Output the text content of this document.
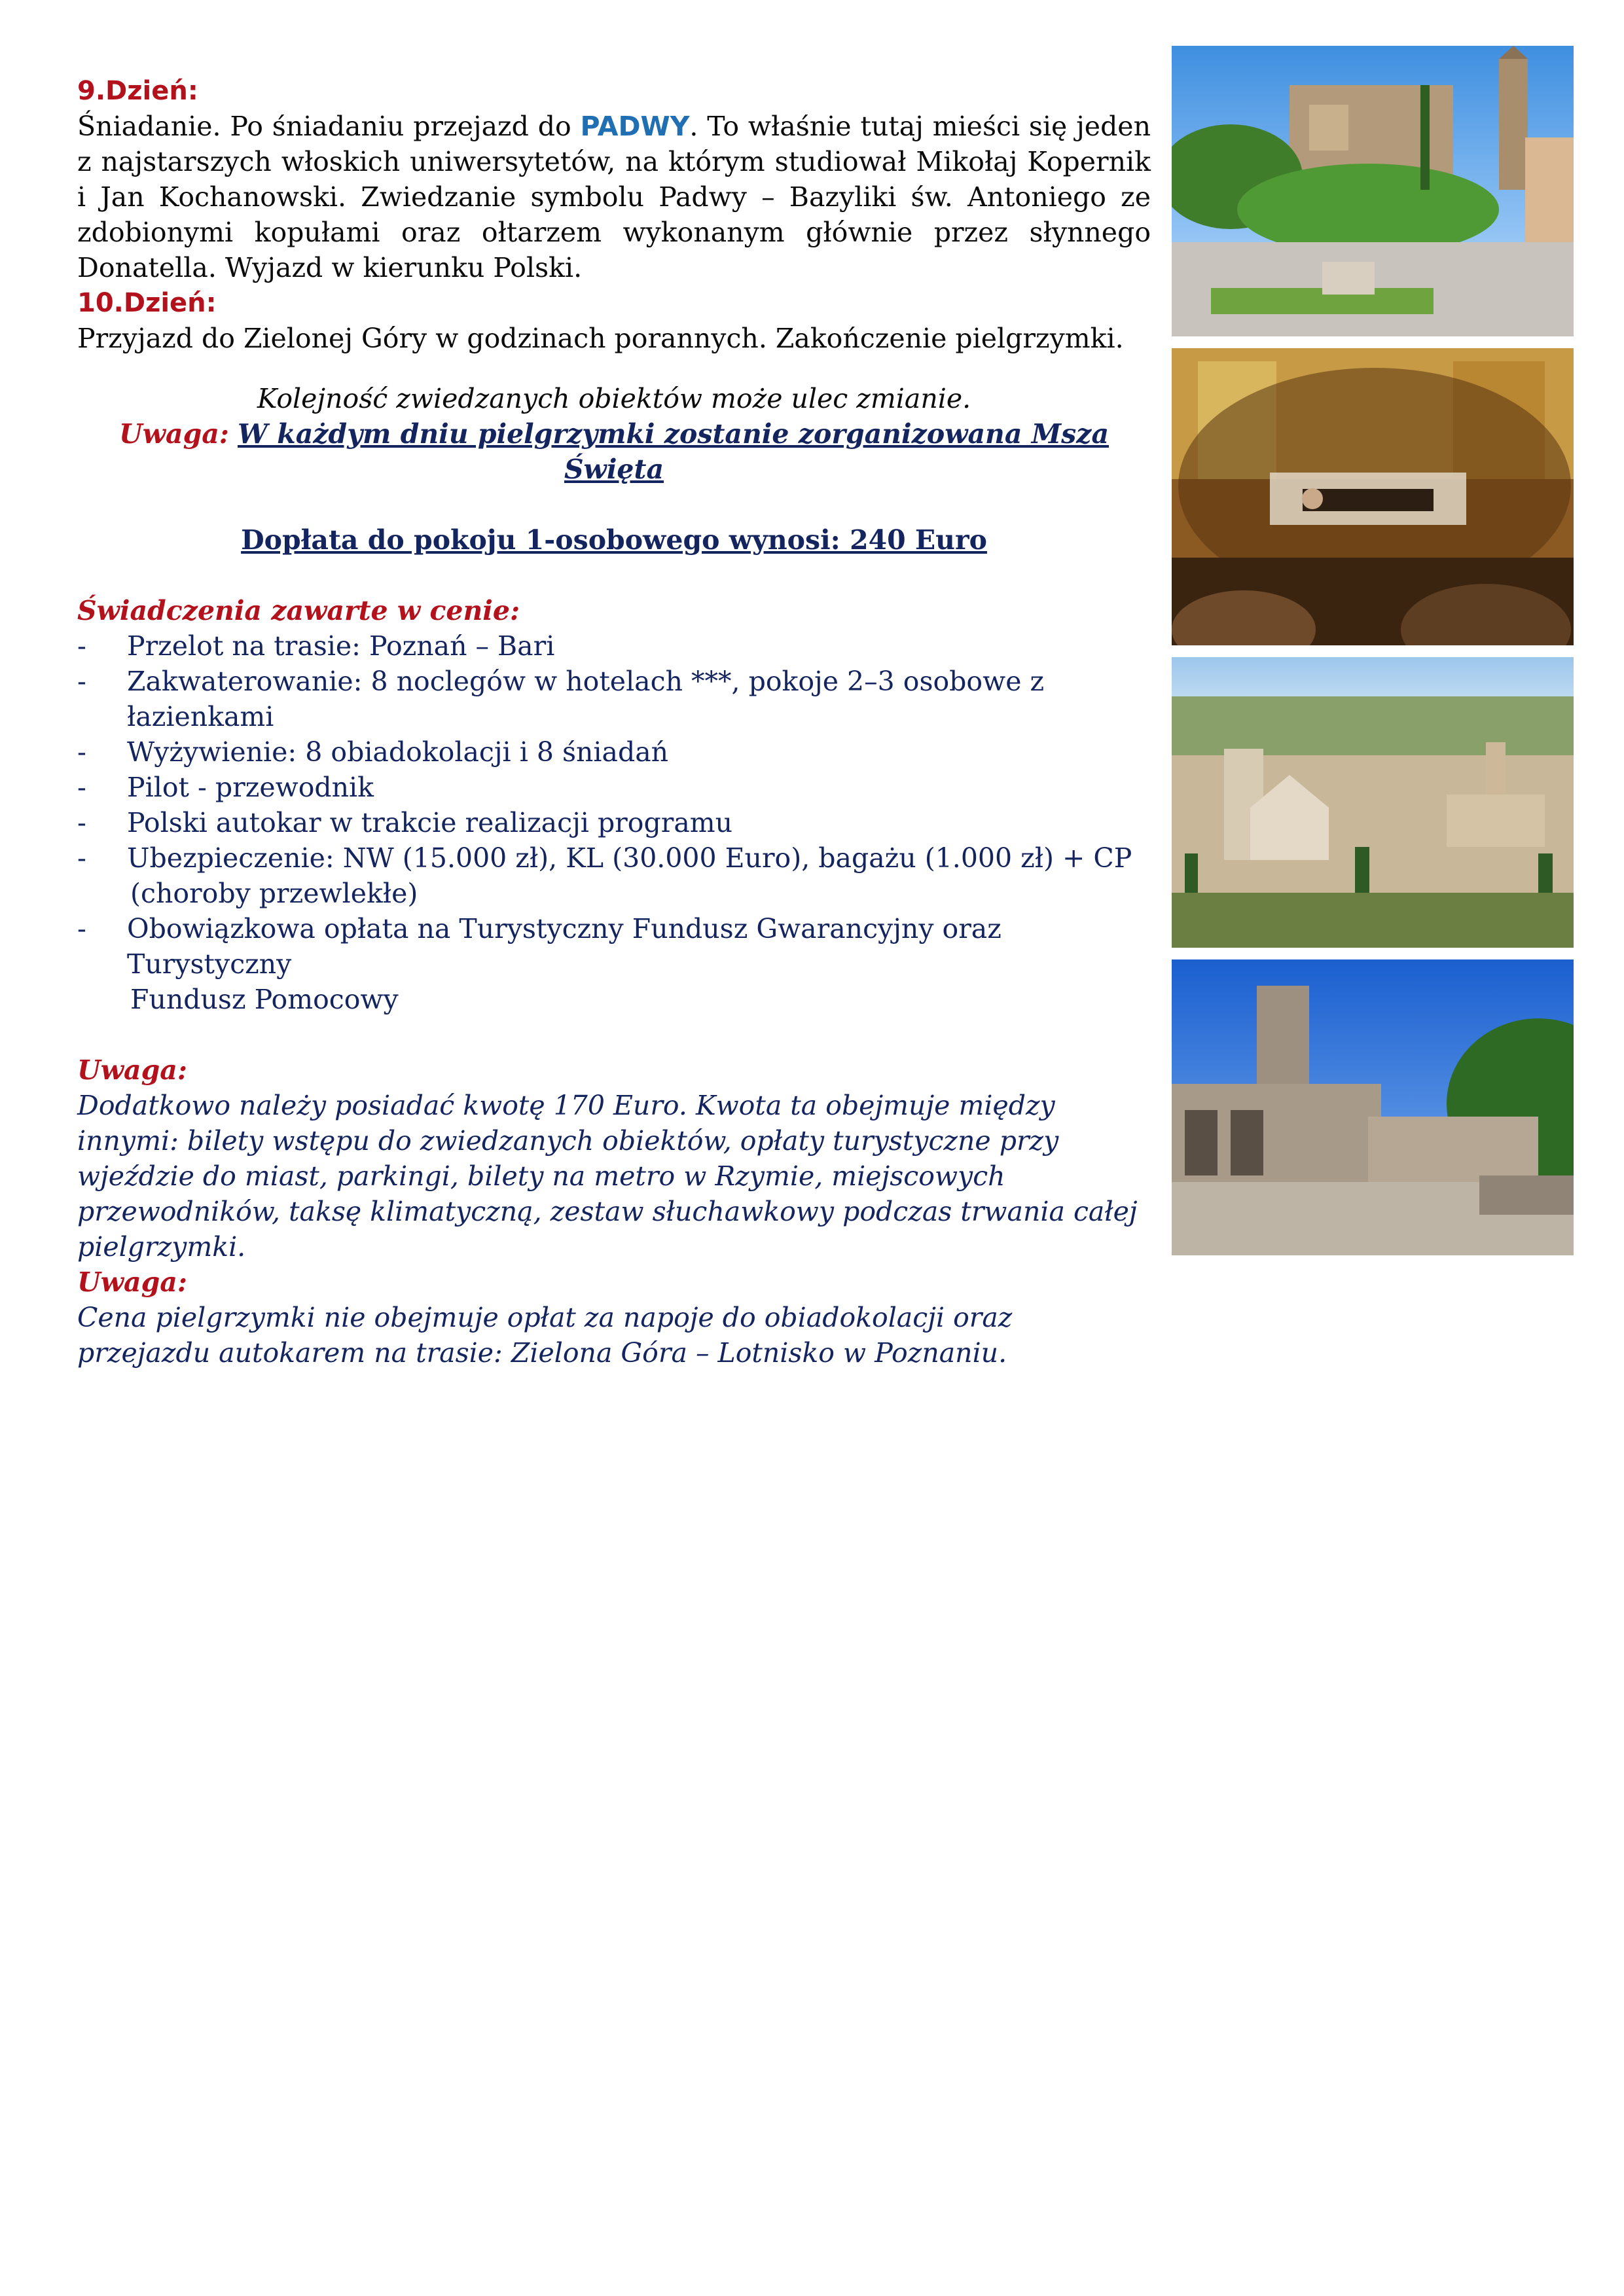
9.Dzień:

Śniadanie. Po śniadaniu przejazd do PADWY. To właśnie tutaj mieści się jeden z najstarszych włoskich uniwersytetów, na którym studiował Mikołaj Kopernik i Jan Kochanowski. Zwiedzanie symbolu Padwy – Bazyliki św. Antoniego ze zdobionymi kopułami oraz ołtarzem wykonanym głównie przez słynnego Donatella. Wyjazd w kierunku Polski.

10.Dzień:

Przyjazd do Zielonej Góry w godzinach porannych. Zakończenie pielgrzymki.

Kolejność zwiedzanych obiektów może ulec zmianie.

Uwaga: W każdym dniu pielgrzymki zostanie zorganizowana Msza Święta

Dopłata do pokoju 1-osobowego wynosi: 240 Euro

Świadczenia zawarte w cenie:

- Przelot na trasie: Poznań – Bari
- Zakwaterowanie: 8 noclegów w hotelach ***, pokoje 2–3 osobowe z łazienkami
- Wyżywienie: 8 obiadokolacji i 8 śniadań
- Pilot - przewodnik
- Polski autokar w trakcie realizacji programu
- Ubezpieczenie: NW (15.000 zł), KL (30.000 Euro), bagażu (1.000 zł) + CP
(choroby przewlekłe)
- Obowiązkowa opłata na Turystyczny Fundusz Gwarancyjny oraz Turystyczny
Fundusz Pomocowy

Uwaga:

Dodatkowo należy posiadać kwotę 170 Euro. Kwota ta obejmuje między innymi: bilety wstępu do zwiedzanych obiektów, opłaty turystyczne przy wjeździe do miast, parkingi, bilety na metro w Rzymie, miejscowych przewodników, taksę klimatyczną, zestaw słuchawkowy podczas trwania całej pielgrzymki.

Uwaga:

Cena pielgrzymki nie obejmuje opłat za napoje do obiadokolacji oraz przejazdu autokarem na trasie: Zielona Góra – Lotnisko w Poznaniu.
